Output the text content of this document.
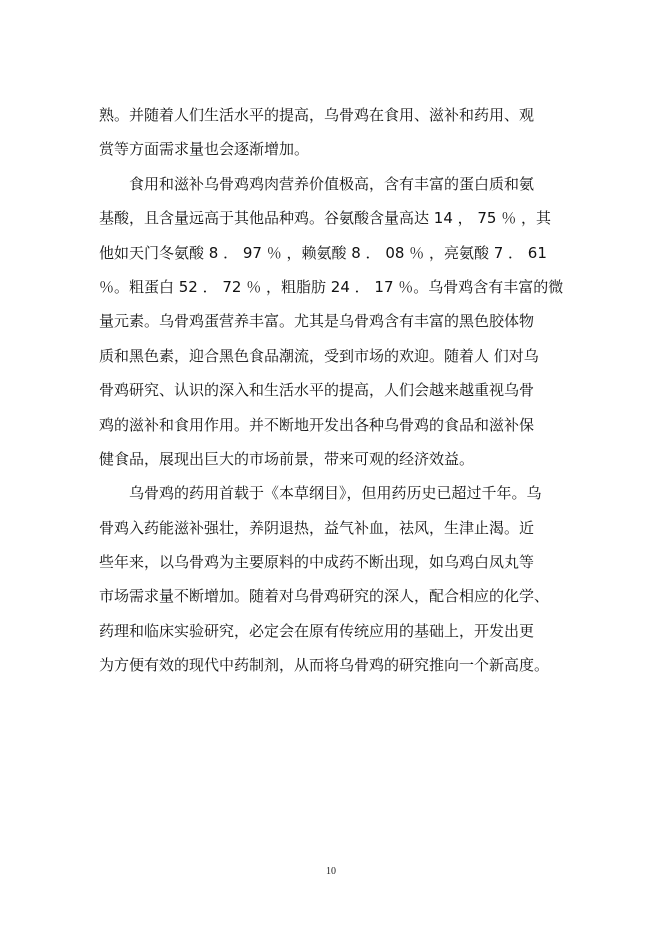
熟。并随着人们生活水平的提高，乌骨鸡在食用、滋补和药用、观
赏等方面需求量也会逐渐增加。
食用和滋补乌骨鸡鸡肉营养价值极高，含有丰富的蛋白质和氨
基酸，且含量远高于其他品种鸡。谷氨酸含量高达 14 ， 75 ％ ，其
他如天门冬氨酸 8 ． 97 ％ ，赖氨酸 8 ． 08 ％ ，亮氨酸 7 ． 61
％。粗蛋白 52 ． 72 ％ ，粗脂肪 24 ． 17 ％。乌骨鸡含有丰富的微
量元素。乌骨鸡蛋营养丰富。尤其是乌骨鸡含有丰富的黑色胶体物
质和黑色素，迎合黑色食品潮流，受到市场的欢迎。随着人 们对乌
骨鸡研究、认识的深入和生活水平的提高，人们会越来越重视乌骨
鸡的滋补和食用作用。并不断地开发出各种乌骨鸡的食品和滋补保
健食品，展现出巨大的市场前景，带来可观的经济效益。
乌骨鸡的药用首载于《本草纲目》，但用药历史已超过千年。乌
骨鸡入药能滋补强壮，养阴退热，益气补血，祛风，生津止渴。近
些年来，以乌骨鸡为主要原料的中成药不断出现，如乌鸡白凤丸等
市场需求量不断增加。随着对乌骨鸡研究的深人，配合相应的化学、
药理和临床实验研究，必定会在原有传统应用的基础上，开发出更
为方便有效的现代中药制剂，从而将乌骨鸡的研究推向一个新高度。
10
